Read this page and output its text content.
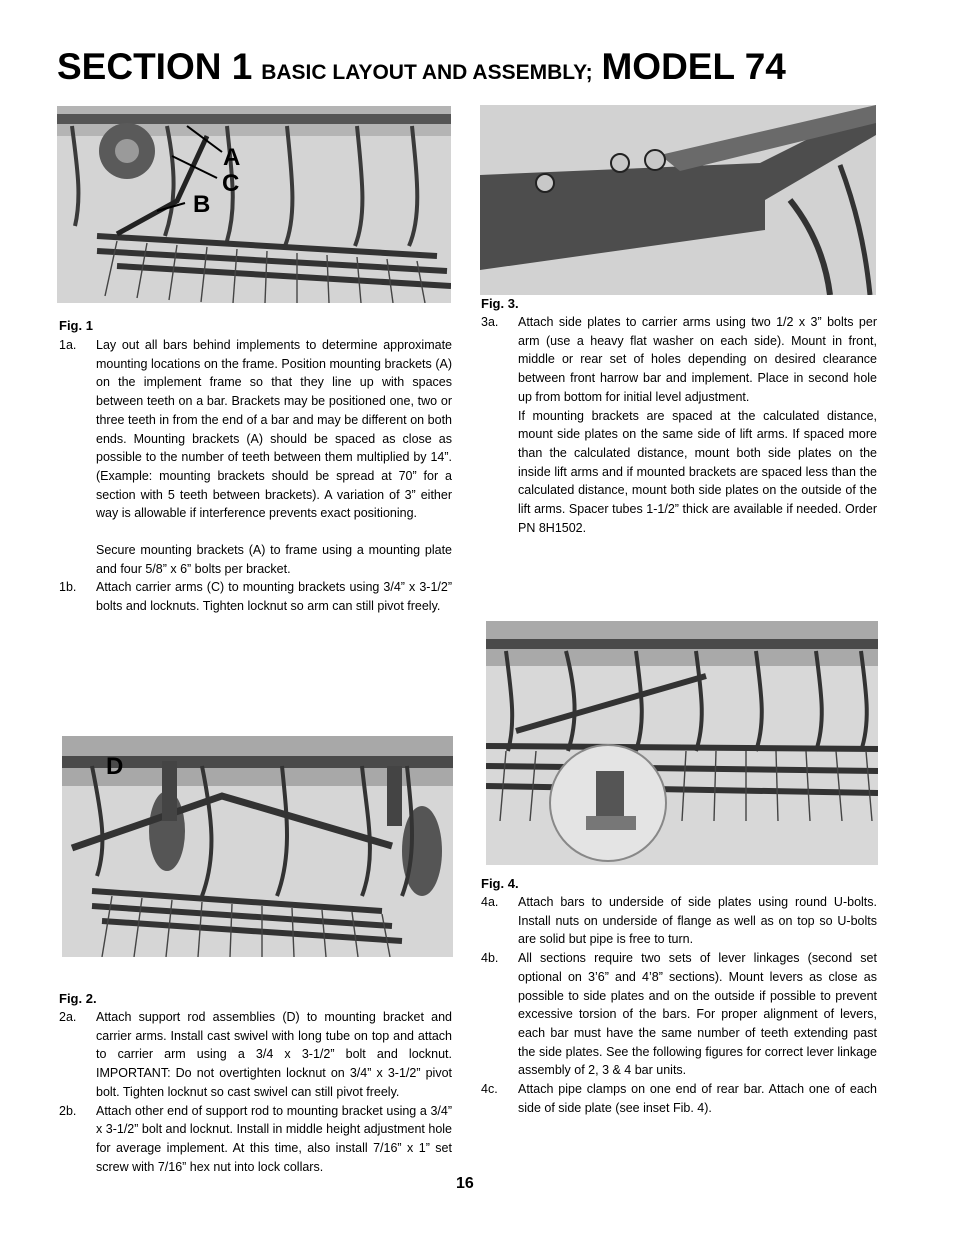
SECTION 1 BASIC LAYOUT AND ASSEMBLY; MODEL 74
A
C
B

Fig. 1

1a.	Lay out all bars behind implements to determine approximate mounting locations on the frame. Position mounting brackets (A) on the implement frame so that they line up with spaces between teeth on a bar. Brackets may be positioned one, two or three teeth in from the end of a bar and may be different on both ends. Mounting brackets (A) should be spaced as close as possible to the number of teeth between them multiplied by 14”. (Example: mounting brackets should be spread at 70” for a section with 5 teeth between brackets). A variation of 3” either way is allowable if interference prevents exact positioning.

Secure mounting brackets (A) to frame using a mounting plate and four 5/8” x 6” bolts per bracket.

1b.	Attach carrier arms (C) to mounting brackets using 3/4” x 3-1/2” bolts and locknuts. Tighten locknut so arm can still pivot freely.

D

Fig. 2.

2a.	Attach support rod assemblies (D) to mounting bracket and carrier arms. Install cast swivel with long tube on top and attach to carrier arm using a 3/4 x 3-1/2” bolt and locknut. IMPORTANT: Do not overtighten locknut on 3/4” x 3-1/2” pivot bolt. Tighten locknut so cast swivel can still pivot freely.

2b.	Attach other end of support rod to mounting bracket using a 3/4” x 3-1/2” bolt and locknut. Install in middle height adjustment hole for average implement. At this time, also install 7/16” x 1” set screw with 7/16” hex nut into lock collars.

Fig. 3.

3a.	Attach side plates to carrier arms using two 1/2 x 3” bolts per arm (use a heavy flat washer on each side). Mount in front, middle or rear set of holes depending on desired clearance between front harrow bar and implement. Place in second hole up from bottom for initial level adjustment.

If mounting brackets are spaced at the calculated distance, mount side plates on the same side of lift arms. If spaced more than the calculated distance, mount both side plates on the inside lift arms and if mounted brackets are spaced less than the calculated distance, mount both side plates on the outside of the lift arms. Spacer tubes 1-1/2” thick are available if needed. Order PN 8H1502.

Fig. 4.

4a.	Attach bars to underside of side plates using round U-bolts. Install nuts on underside of flange as well as on top so U-bolts are solid but pipe is free to turn.

4b.	All sections require two sets of lever linkages (second set optional on 3’6” and 4’8” sections). Mount levers as close as possible to side plates and on the outside if possible to prevent excessive torsion of the bars. For proper alignment of levers, each bar must have the same number of teeth extending past the side plates. See the following figures for correct lever linkage assembly of 2, 3 & 4 bar units.

4c.	Attach pipe clamps on one end of rear bar. Attach one of each side of side plate (see inset Fib. 4).

16
